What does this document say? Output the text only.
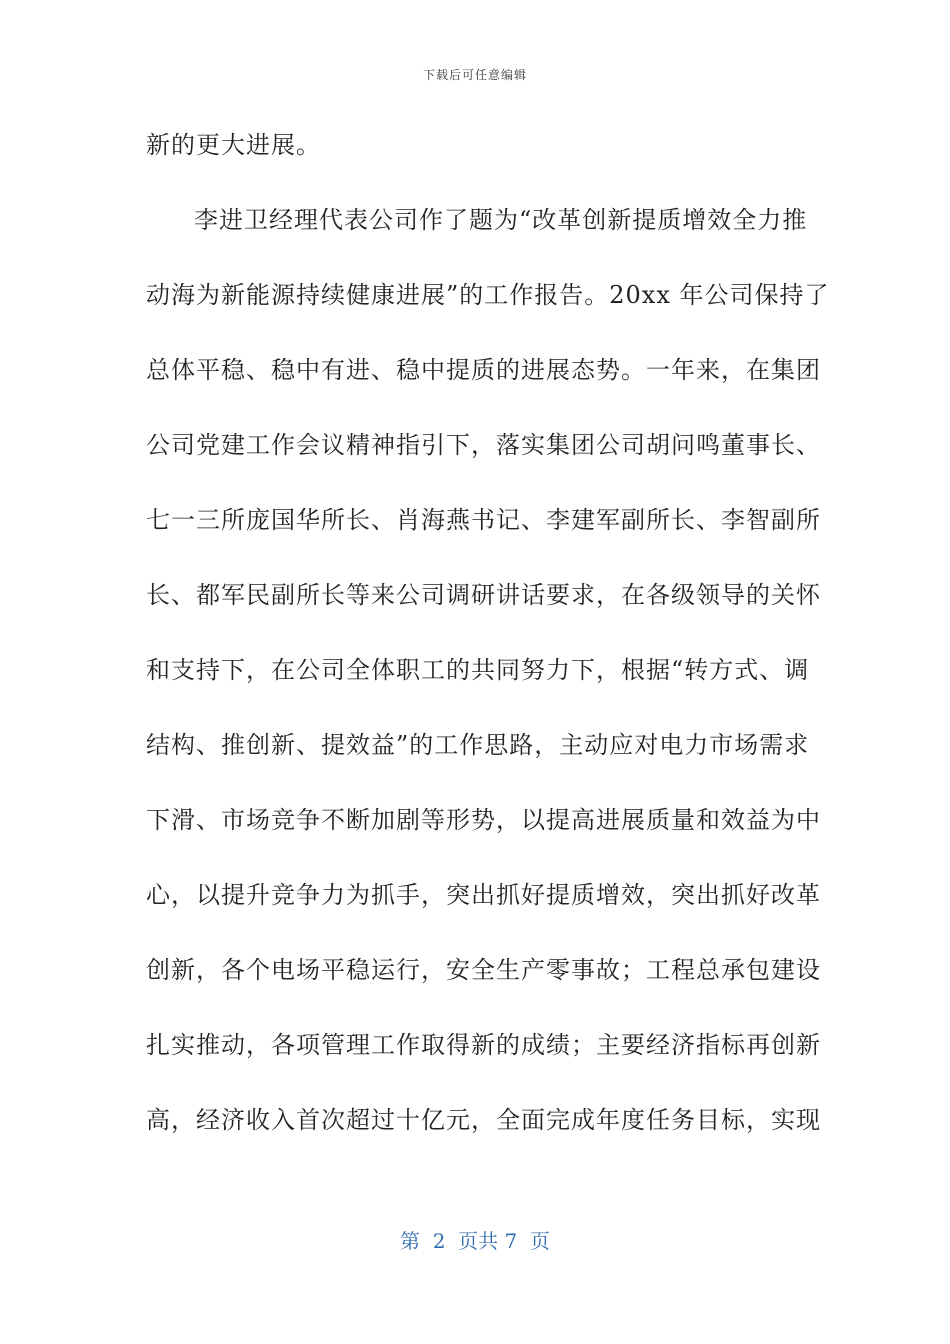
下载后可任意编辑
新的更大进展。
李进卫经理代表公司作了题为“改革创新提质增效全力推
动海为新能源持续健康进展”的工作报告。20xx 年公司保持了
总体平稳、稳中有进、稳中提质的进展态势。一年来，在集团
公司党建工作会议精神指引下，落实集团公司胡问鸣董事长、
七一三所庞国华所长、肖海燕书记、李建军副所长、李智副所
长、都军民副所长等来公司调研讲话要求，在各级领导的关怀
和支持下，在公司全体职工的共同努力下，根据“转方式、调
结构、推创新、提效益”的工作思路，主动应对电力市场需求
下滑、市场竞争不断加剧等形势，以提高进展质量和效益为中
心，以提升竞争力为抓手，突出抓好提质增效，突出抓好改革
创新，各个电场平稳运行，安全生产零事故；工程总承包建设
扎实推动，各项管理工作取得新的成绩；主要经济指标再创新
高，经济收入首次超过十亿元，全面完成年度任务目标，实现
第  2  页共 7  页
